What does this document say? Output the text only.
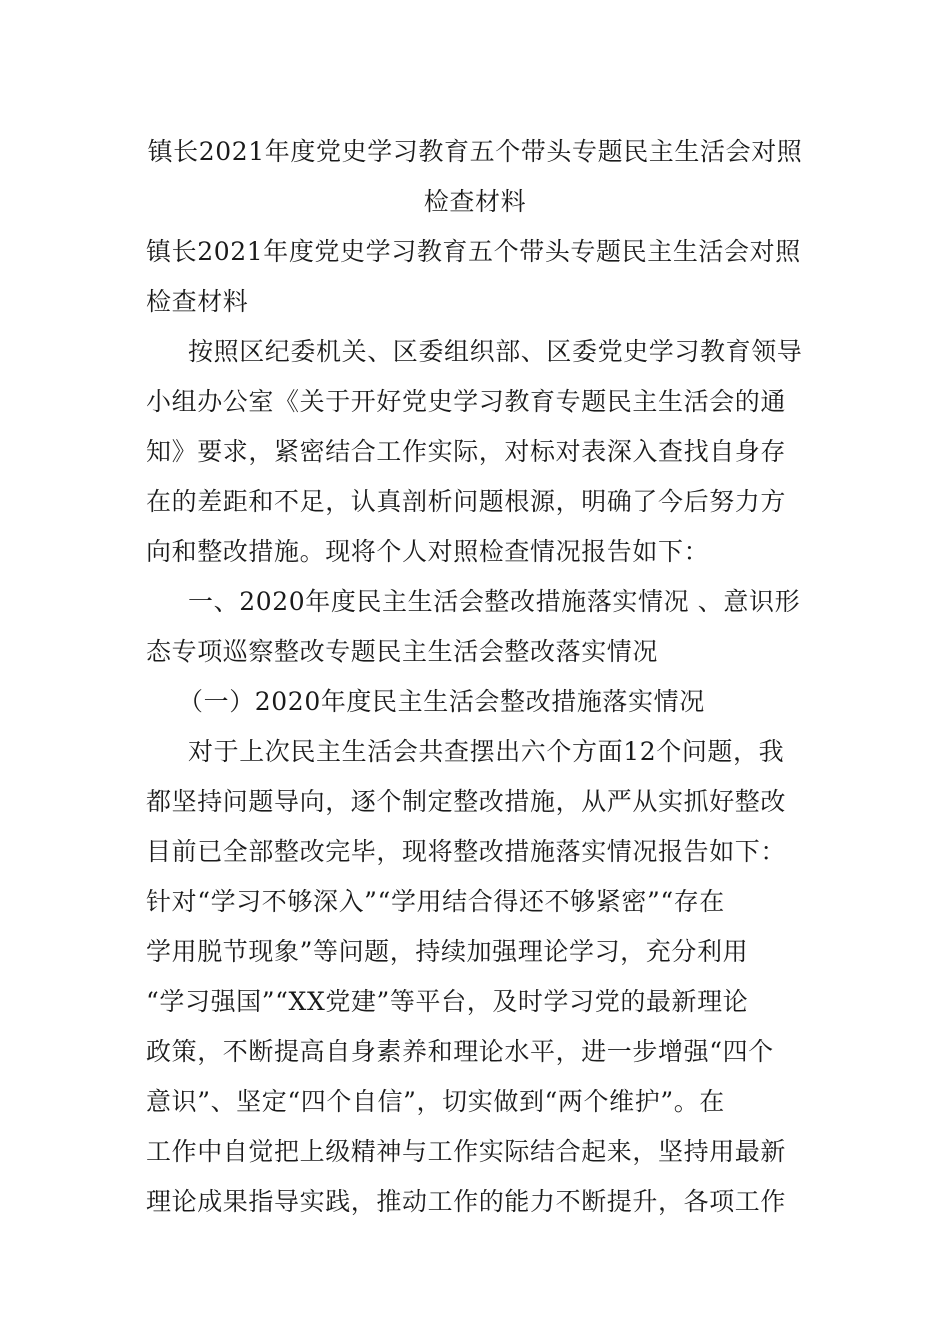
镇长2021年度党史学习教育五个带头专题民主生活会对照
检查材料
镇长2021年度党史学习教育五个带头专题民主生活会对照
检查材料
按照区纪委机关、区委组织部、区委党史学习教育领导
小组办公室《关于开好党史学习教育专题民主生活会的通
知》要求，紧密结合工作实际，对标对表深入查找自身存
在的差距和不足，认真剖析问题根源，明确了今后努力方
向和整改措施。现将个人对照检查情况报告如下：
一、2020年度民主生活会整改措施落实情况 、意识形
态专项巡察整改专题民主生活会整改落实情况
（一）2020年度民主生活会整改措施落实情况
对于上次民主生活会共查摆出六个方面12个问题，我
都坚持问题导向，逐个制定整改措施，从严从实抓好整改
目前已全部整改完毕，现将整改措施落实情况报告如下：
针对“学习不够深入”“学用结合得还不够紧密”“存在
学用脱节现象”等问题，持续加强理论学习，充分利用
“学习强国”“XX党建”等平台，及时学习党的最新理论
政策，不断提高自身素养和理论水平，进一步增强“四个
意识”、坚定“四个自信”，切实做到“两个维护”。在
工作中自觉把上级精神与工作实际结合起来，坚持用最新
理论成果指导实践，推动工作的能力不断提升，各项工作
